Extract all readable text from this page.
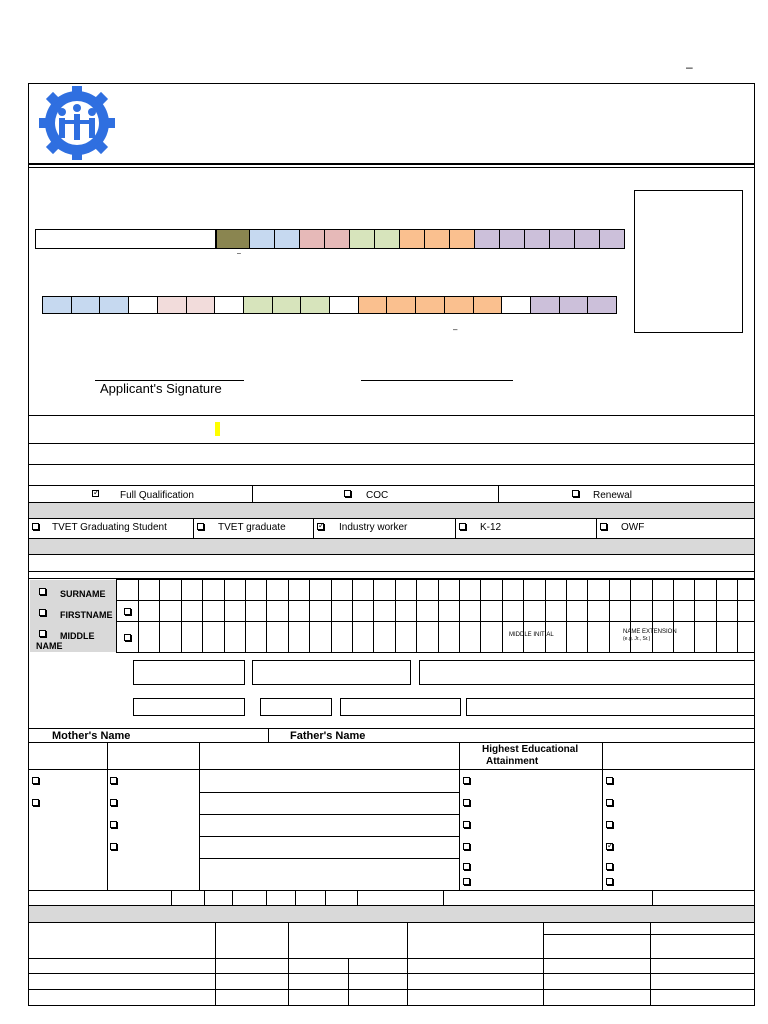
–
–
–
Applicant's Signature
✓ Full Qualification	COC	Renewal
TVET Graduating Student	TVET graduate	✓ Industry worker	K-12	OWF
SURNAME
FIRSTNAME
MIDDLE
NAME
MIDDLE INITIAL	NAME EXTENSION
(e.g. Jr., Sr.)
Mother's Name	Father's Name
Highest Educational
Attainment
✓
